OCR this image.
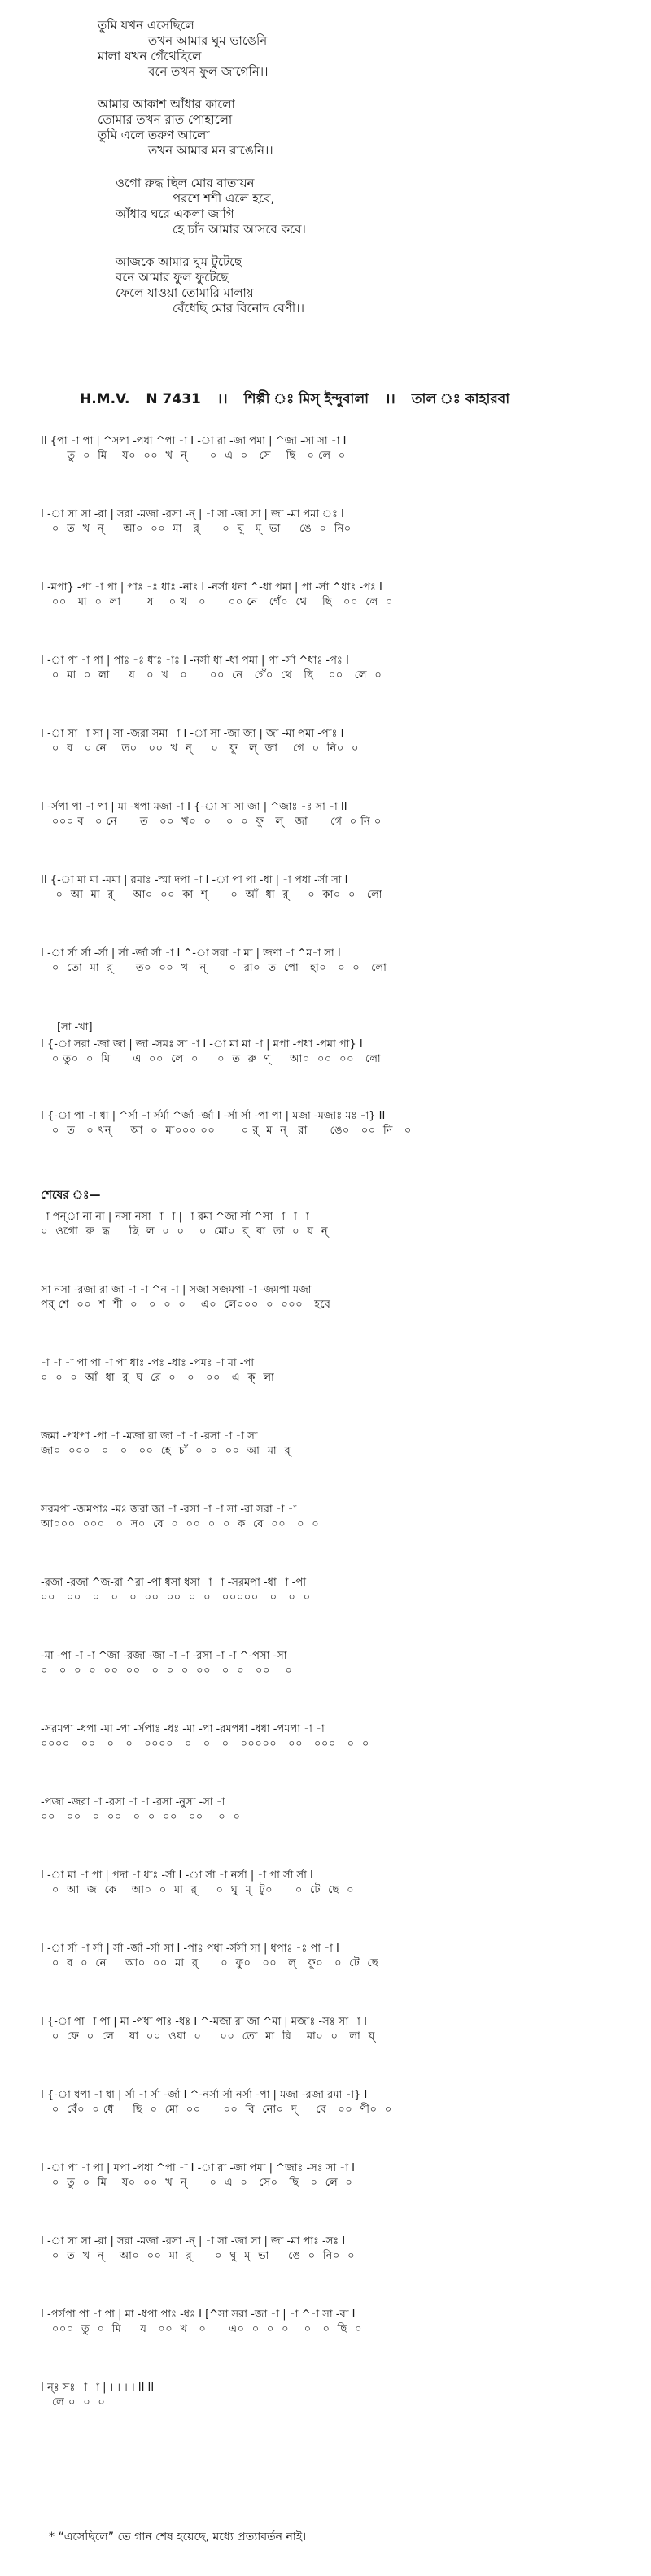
তুমি যখন এসেছিলে
তখন আমার ঘুম ভাঙেনি
মালা যখন গেঁথেছিলে
বনে তখন ফুল জাগেনি।।
আমার আকাশ আঁধার কালো
তোমার তখন রাত পোহালো
তুমি এলে তরুণ আলো
তখন আমার মন রাঙেনি।।
ওগো রুদ্ধ ছিল মোর বাতায়ন
পরশে শশী এলে হবে,
আঁধার ঘরে একলা জাগি
হে চাঁদ আমার আসবে কবে।
আজকে আমার ঘুম টুটেছে
বনে আমার ফুল ফুটেছে
ফেলে যাওয়া তোমারি মালায়
বেঁধেছি মোর বিনোদ বেণী।।
H.M.V. N 7431 ।। শিল্পী ঃ মিস্ ইন্দুবালা ।। তাল ঃ কাহারবা
II {পা -া পা | ^সপা -পধা ^পা -া I -া রা -জা পমা | ^জা -সা সা -া I
তু  ০  মি    য০  ০০  খ  ন্      ০  এ  ০   সে    ছি   ০ লে  ০
I -া সা সা -রা | সরা -মজা -রসা -ন্ | -া সা -জা সা | জা -মা পমা ঃ I
০  ত  খ  ন্     আ০  ০০  মা   র্      ০  ঘু   ম্  ভা     ঙে  ০  নি০
I -মপা} -পা -া পা | পাঃ -ঃ ধাঃ -নাঃ I -নর্সা ধনা ^-ধা পমা | পা -র্সা ^ধাঃ -পঃ I
০০   মা  ০  লা       য    ০ খ   ০      ০০ নে   গেঁ০  থে    ছি   ০০  লে  ০
I -া পা -া পা | পাঃ -ঃ ধাঃ -াঃ I -নর্সা ধা -ধা পমা | পা -র্সা ^ধাঃ -পঃ I
০  মা  ০  লা     য   ০  খ   ০      ০০  নে   গেঁ০  থে   ছি    ০০   লে  ০
I -া সা -া সা | সা -জরা সমা -া I -া সা -জা জা | জা -মা পমা -পাঃ I
০  ব   ০ নে    ত০   ০০  খ  ন্     ০   ফু   ল্  জা    গে  ০  নি০  ০
I -র্সপা পা -া পা | মা -ধপা মজা -া I {-া সা সা জা | ^জাঃ -ঃ সা -া II
০০০ ব   ০ নে      ত   ০০  খ০  ০    ০  ০  ফু   ল্   জা      গে  ০ নি ০
II {-া মা মা -মমা | রমাঃ -স্মা দপা -া I -া পা পা -ধা | -া পধা -র্সা সা I
০  আ  মা  র্     আ০  ০০  কা  শ্      ০  আঁ  ধা  র্     ০  কা০  ০   লো
I -া র্সা র্সা -র্সা | র্সা -র্জা র্সা -া I ^-া সরা -া মা | জণা -া ^ম-া সা I
০  তো  মা  র্      ত০  ০০  খ   ন্      ০  রা০  ত  পো   হা০   ০  ০   লো
[সা -খা]
I {-া সরা -জা জা | জা -সমঃ সা -া I -া মা মা -া | মপা -পধা -পমা পা} I
০ তু০  ০  মি      এ  ০০  লে  ০     ০  ত  রু  ণ্     আ০  ০০  ০০   লো
I {-া পা -া ধা | ^র্সা -া র্সর্মা ^র্জা -র্জা I -র্সা র্সা -পা পা | মজা -মজাঃ মঃ -া} II
০  ত   ০ খন্     আ  ০  মা০০০ ০০       ০ র্  ম  ন্   রা      ঙে০   ০০  নি   ০
শেষের ঃ—
-া পন্া না না | নসা নসা -া -া | -া রমা ^জা র্সা ^সা -া -া -া
০  ওগো  রু  দ্ধ     ছি  ল  ০  ০    ০  মো০  র্  বা  তা  ০  য়  ন্
সা নসা -রজা রা জা -া -া ^ন -া | সজা সজমপা -া -জমপা মজা
পর্ শে  ০০  শ  শী  ০   ০  ০  ০    এ০  লে০০০  ০  ০০০   হবে
-া -া -া পা পা -া পা ধাঃ -পঃ -ধাঃ -পমঃ -া মা -পা
০  ০  ০  আঁ  ধা  র্  ঘ  রে  ০   ০   ০০   এ  ক্  লা
জমা -পধপা -পা -া -মজা রা জা -া -া -রসা -া -া সা
জা০  ০০০   ০   ০   ০০  হে  চাঁ  ০  ০  ০০  আ  মা  র্
সরমপা -জমপাঃ -মঃ জরা জা -া -রসা -া -া সা -রা সরা -া -া
আ০০০  ০০০   ০  স০  বে  ০  ০০  ০  ০  ক  বে  ০০   ০  ০
-রজা -রজা ^জ-রা ^রা -পা ধসা ধসা -া -া -সরমপা -ধা -া -পা
০০   ০০   ০   ০   ০  ০০  ০০  ০  ০   ০০০০০   ০   ০  ০
-মা -পা -া -া ^জা -রজা -জা -া -া -রসা -া -া ^-পসা -সা
০   ০  ০  ০  ০০  ০০   ০  ০  ০  ০০   ০  ০   ০০    ০
-সরমপা -ধপা -মা -পা -র্সপাঃ -ধঃ -মা -পা -রমপধা -ধধা -পমপা -া -া
০০০০   ০০   ০   ০   ০০০০   ০   ০   ০   ০০০০০   ০০   ০০০   ০  ০
-পজা -জরা -া -রসা -া -া -রসা -নুসা -সা -া
০০   ০০   ০  ০০   ০  ০  ০০   ০০    ০  ০
I -া মা -া পা | পদা -া ধাঃ -র্সা I -া র্সা -া নর্সা | -া পা র্সা র্সা I
০  আ  জ  কে    আ০  ০  মা  র্     ০  ঘু  ম্  টু০      ০  টে  ছে  ০
I -া র্সা -া র্সা | র্সা -র্জা -র্সা সা I -পাঃ পধা -র্সর্সা সা | ধপাঃ -ঃ পা -া I
০  ব  ০  নে     আ০  ০০  মা  র্      ০  ফু০   ০০   ল্   ফু০   ০  টে  ছে
I {-া পা -া পা | মা -পধা পাঃ -ধঃ I ^-মজা রা জা ^মা | মজাঃ -সঃ সা -া I
০  ফে  ০  লে    যা  ০০  ওয়া  ০     ০০  তো  মা  রি    মা০  ০   লা  য়্
I {-া ধপা -া ধা | র্সা -া র্সা -র্জা I ^-নর্সা র্সা নর্সা -পা | মজা -রজা রমা -া} I
০  বেঁ০  ০ ধে     ছি  ০  মো  ০০      ০০  বি  নো০  দ্     বে   ০০  ণী০  ০
I -া পা -া পা | মপা -পধা ^পা -া I -া রা -জা পমা | ^জাঃ -সঃ সা -া I
০  তু  ০  মি    য০  ০০  খ  ন্      ০  এ  ০   সে০   ছি   ০  লে  ০
I -া সা সা -রা | সরা -মজা -রসা -ন্ | -া সা -জা সা | জা -মা পাঃ -সঃ I
০  ত  খ  ন্    আ০  ০০  মা  র্      ০  ঘু  ম্  ভা     ঙে  ০  নি০  ০
I -পর্সপা পা -া পা | মা -ধপা পাঃ -ধঃ I [^সা সরা -জা -া | -া ^-া সা -বা I
০০০  তু  ০  মি     য   ০০  খ   ০      এ০  ০  ০  ০    ০   ০  ছি  ০
I ন্ঃ সঃ -া -া | । । । । II II
লে ০  ০  ০
* “এসেছিলে” তে গান শেষ হয়েছে, মধ্যে প্রত্যাবর্তন নাই।
